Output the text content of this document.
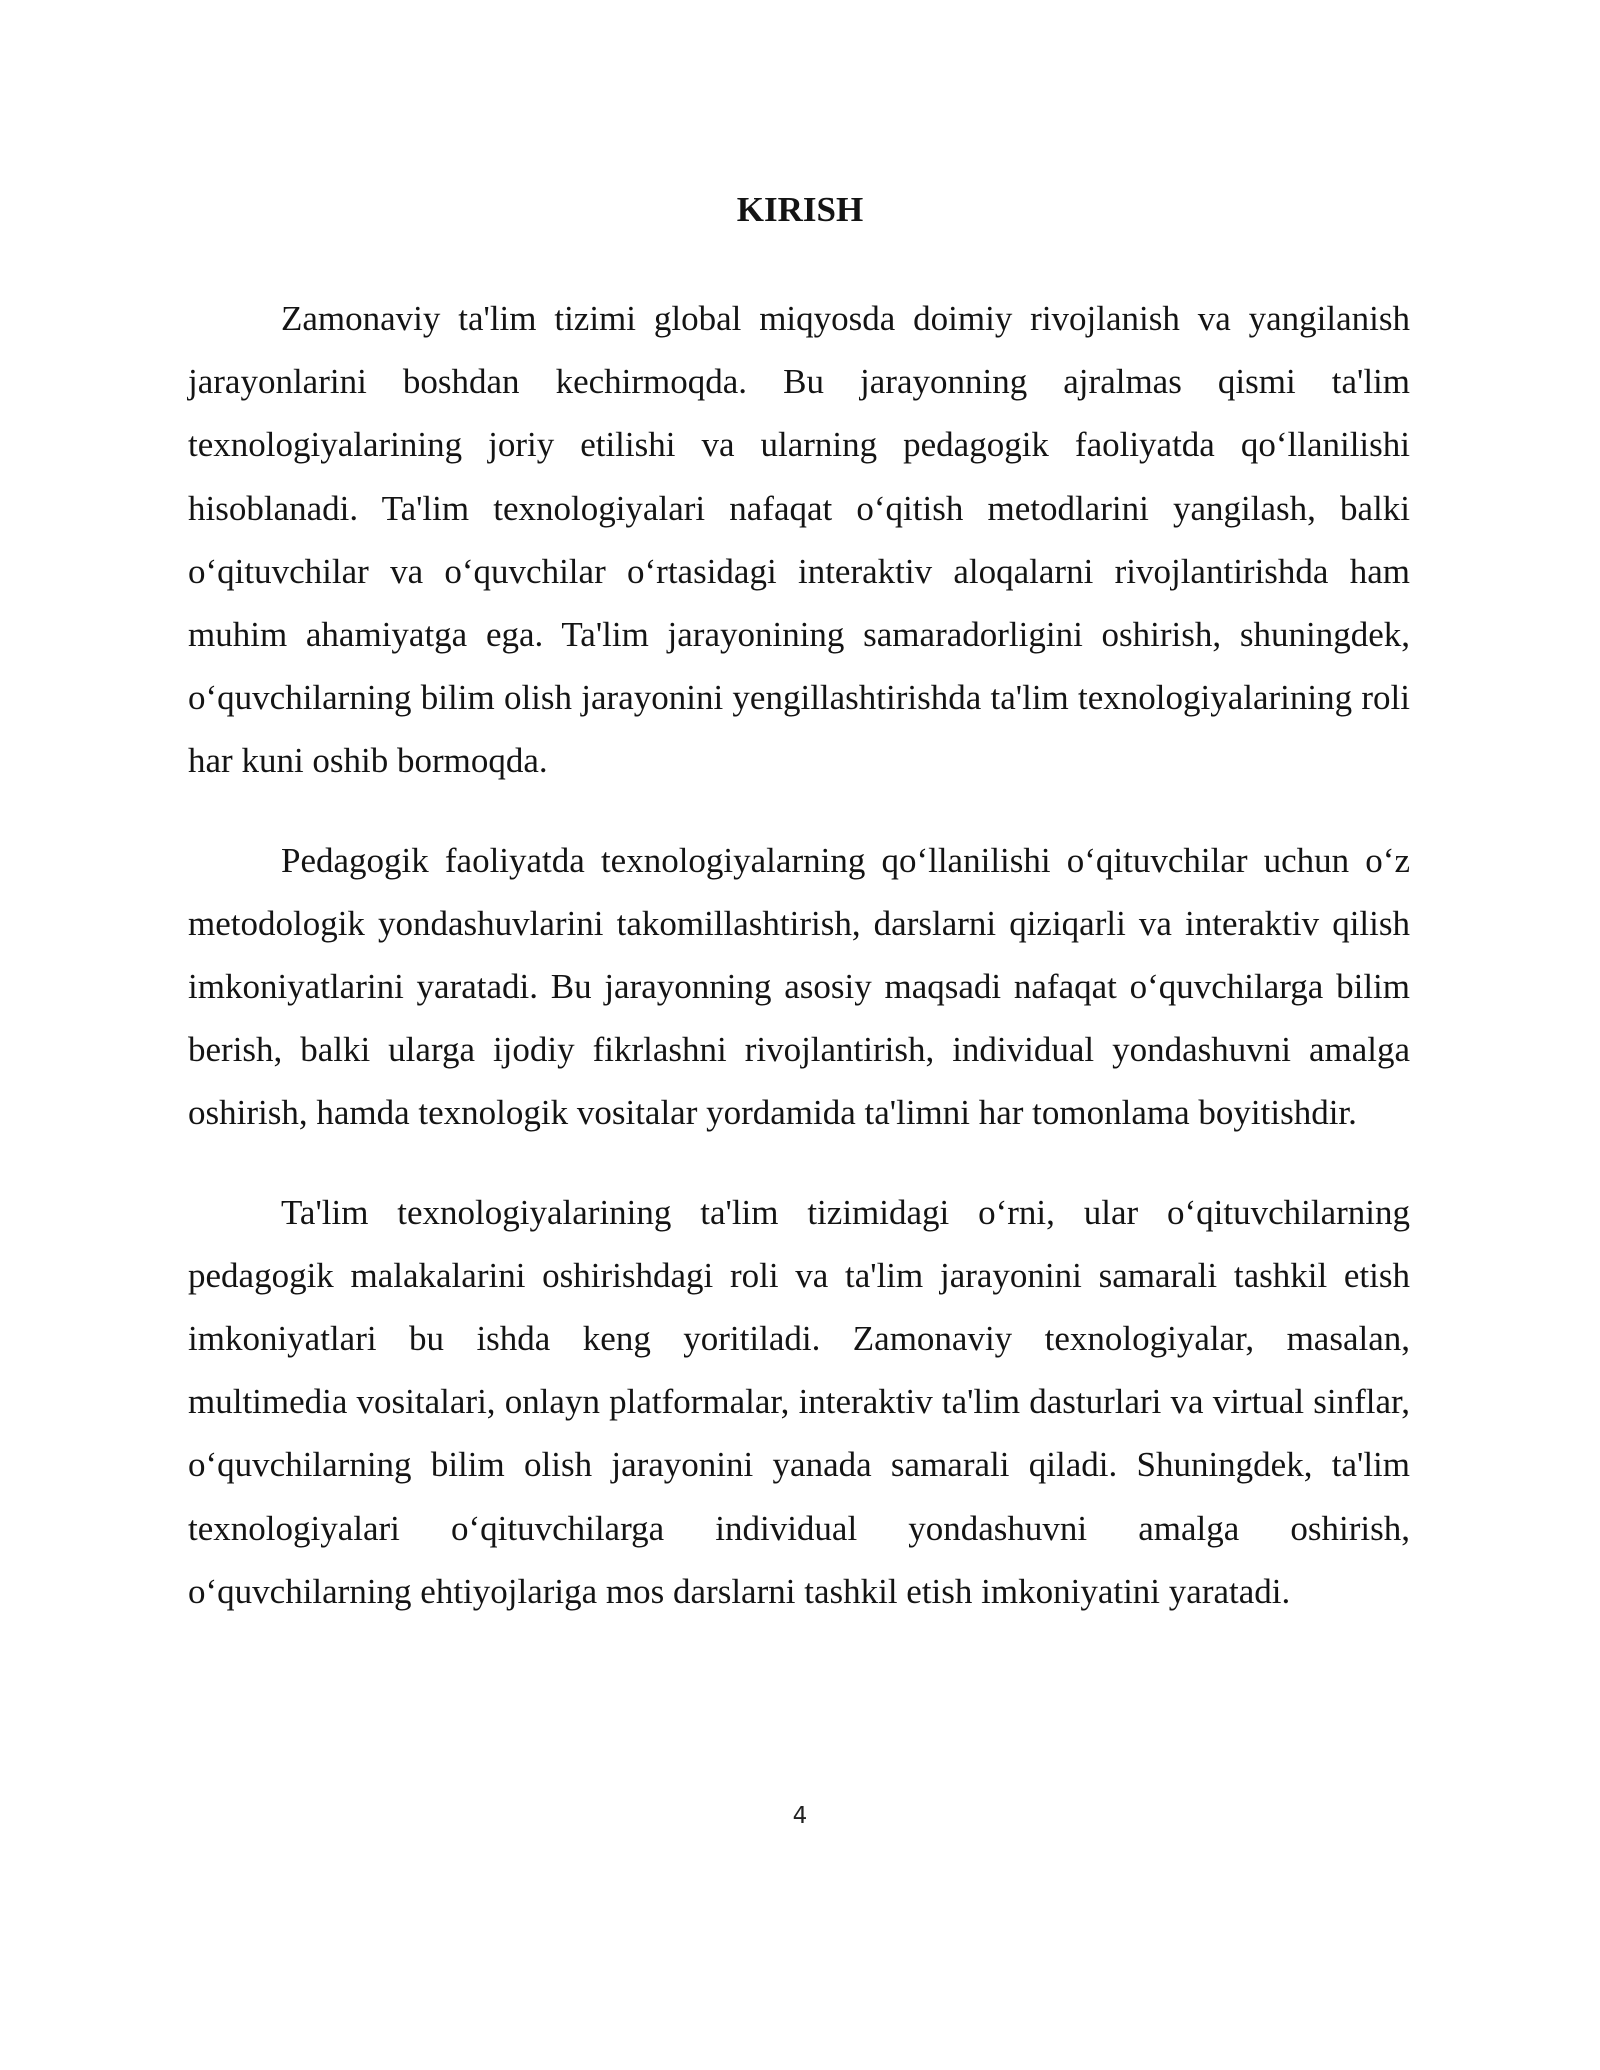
KIRISH

Zamonaviy ta'lim tizimi global miqyosda doimiy rivojlanish va yangilanish jarayonlarini boshdan kechirmoqda. Bu jarayonning ajralmas qismi ta'lim texnologiyalarining joriy etilishi va ularning pedagogik faoliyatda qo‘llanilishi hisoblanadi. Ta'lim texnologiyalari nafaqat o‘qitish metodlarini yangilash, balki o‘qituvchilar va o‘quvchilar o‘rtasidagi interaktiv aloqalarni rivojlantirishda ham muhim ahamiyatga ega. Ta'lim jarayonining samaradorligini oshirish, shuningdek, o‘quvchilarning bilim olish jarayonini yengillashtirishda ta'lim texnologiyalarining roli har kuni oshib bormoqda.

Pedagogik faoliyatda texnologiyalarning qo‘llanilishi o‘qituvchilar uchun o‘z metodologik yondashuvlarini takomillashtirish, darslarni qiziqarli va interaktiv qilish imkoniyatlarini yaratadi. Bu jarayonning asosiy maqsadi nafaqat o‘quvchilarga bilim berish, balki ularga ijodiy fikrlashni rivojlantirish, individual yondashuvni amalga oshirish, hamda texnologik vositalar yordamida ta'limni har tomonlama boyitishdir.

Ta'lim texnologiyalarining ta'lim tizimidagi o‘rni, ular o‘qituvchilarning pedagogik malakalarini oshirishdagi roli va ta'lim jarayonini samarali tashkil etish imkoniyatlari bu ishda keng yoritiladi. Zamonaviy texnologiyalar, masalan, multimedia vositalari, onlayn platformalar, interaktiv ta'lim dasturlari va virtual sinflar, o‘quvchilarning bilim olish jarayonini yanada samarali qiladi. Shuningdek, ta'lim texnologiyalari o‘qituvchilarga individual yondashuvni amalga oshirish, o‘quvchilarning ehtiyojlariga mos darslarni tashkil etish imkoniyatini yaratadi.

4
